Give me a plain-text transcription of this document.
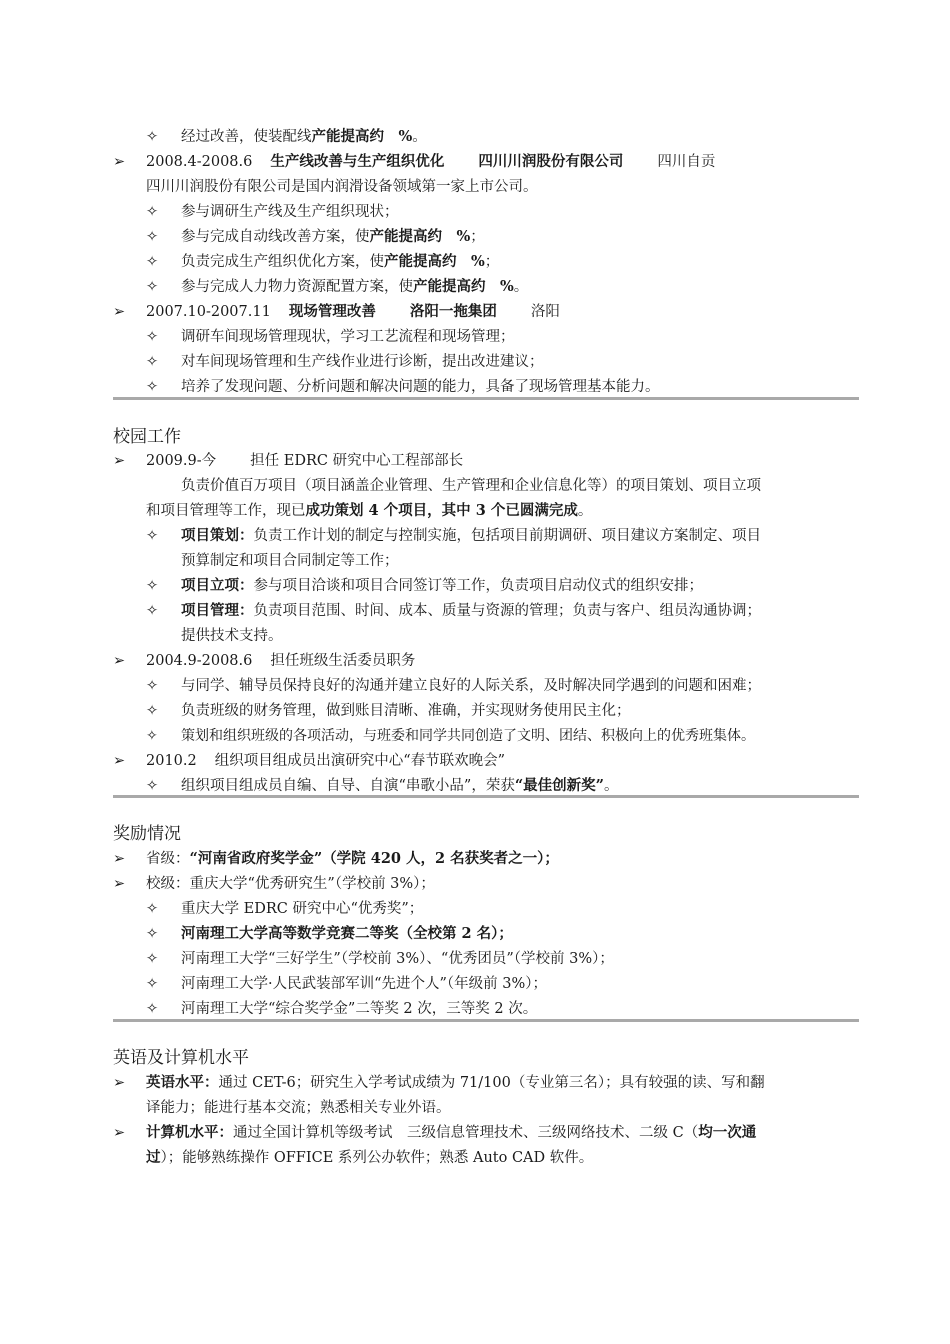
✧ 经过改善，使装配线产能提高约　%。
➢ 2008.4-2008.6 生产线改善与生产组织优化 四川川润股份有限公司 四川自贡
四川川润股份有限公司是国内润滑设备领域第一家上市公司。
✧ 参与调研生产线及生产组织现状；
✧ 参与完成自动线改善方案，使产能提高约　%；
✧ 负责完成生产组织优化方案，使产能提高约　%；
✧ 参与完成人力物力资源配置方案，使产能提高约　%。
➢ 2007.10-2007.11 现场管理改善 洛阳一拖集团 洛阳
✧ 调研车间现场管理现状，学习工艺流程和现场管理；
✧ 对车间现场管理和生产线作业进行诊断，提出改进建议；
✧ 培养了发现问题、分析问题和解决问题的能力，具备了现场管理基本能力。
校园工作
➢ 2009.9-今 担任 EDRC 研究中心工程部部长
负责价值百万项目（项目涵盖企业管理、生产管理和企业信息化等）的项目策划、项目立项
和项目管理等工作，现已成功策划 4 个项目，其中 3 个已圆满完成。
✧ 项目策划：负责工作计划的制定与控制实施，包括项目前期调研、项目建议方案制定、项目
预算制定和项目合同制定等工作；
✧ 项目立项：参与项目洽谈和项目合同签订等工作，负责项目启动仪式的组织安排；
✧ 项目管理：负责项目范围、时间、成本、质量与资源的管理；负责与客户、组员沟通协调；
提供技术支持。
➢ 2004.9-2008.6 担任班级生活委员职务
✧ 与同学、辅导员保持良好的沟通并建立良好的人际关系，及时解决同学遇到的问题和困难；
✧ 负责班级的财务管理，做到账目清晰、准确，并实现财务使用民主化；
✧ 策划和组织班级的各项活动，与班委和同学共同创造了文明、团结、积极向上的优秀班集体。
➢ 2010.2 组织项目组成员出演研究中心“春节联欢晚会”
✧ 组织项目组成员自编、自导、自演“串歌小品”，荣获“最佳创新奖”。
奖励情况
➢ 省级：“河南省政府奖学金”（学院 420 人，2 名获奖者之一）；
➢ 校级：重庆大学“优秀研究生”（学校前 3%）；
✧ 重庆大学 EDRC 研究中心“优秀奖”；
✧ 河南理工大学高等数学竞赛二等奖（全校第 2 名）；
✧ 河南理工大学“三好学生”（学校前 3%）、“优秀团员”（学校前 3%）；
✧ 河南理工大学·人民武装部军训“先进个人”（年级前 3%）；
✧ 河南理工大学“综合奖学金”二等奖 2 次，三等奖 2 次。
英语及计算机水平
➢ 英语水平：通过 CET-6；研究生入学考试成绩为 71/100（专业第三名）；具有较强的读、写和翻
译能力；能进行基本交流；熟悉相关专业外语。
➢ 计算机水平：通过全国计算机等级考试　三级信息管理技术、三级网络技术、二级 C（均一次通
过）；能够熟练操作 OFFICE 系列公办软件；熟悉 Auto CAD 软件。
